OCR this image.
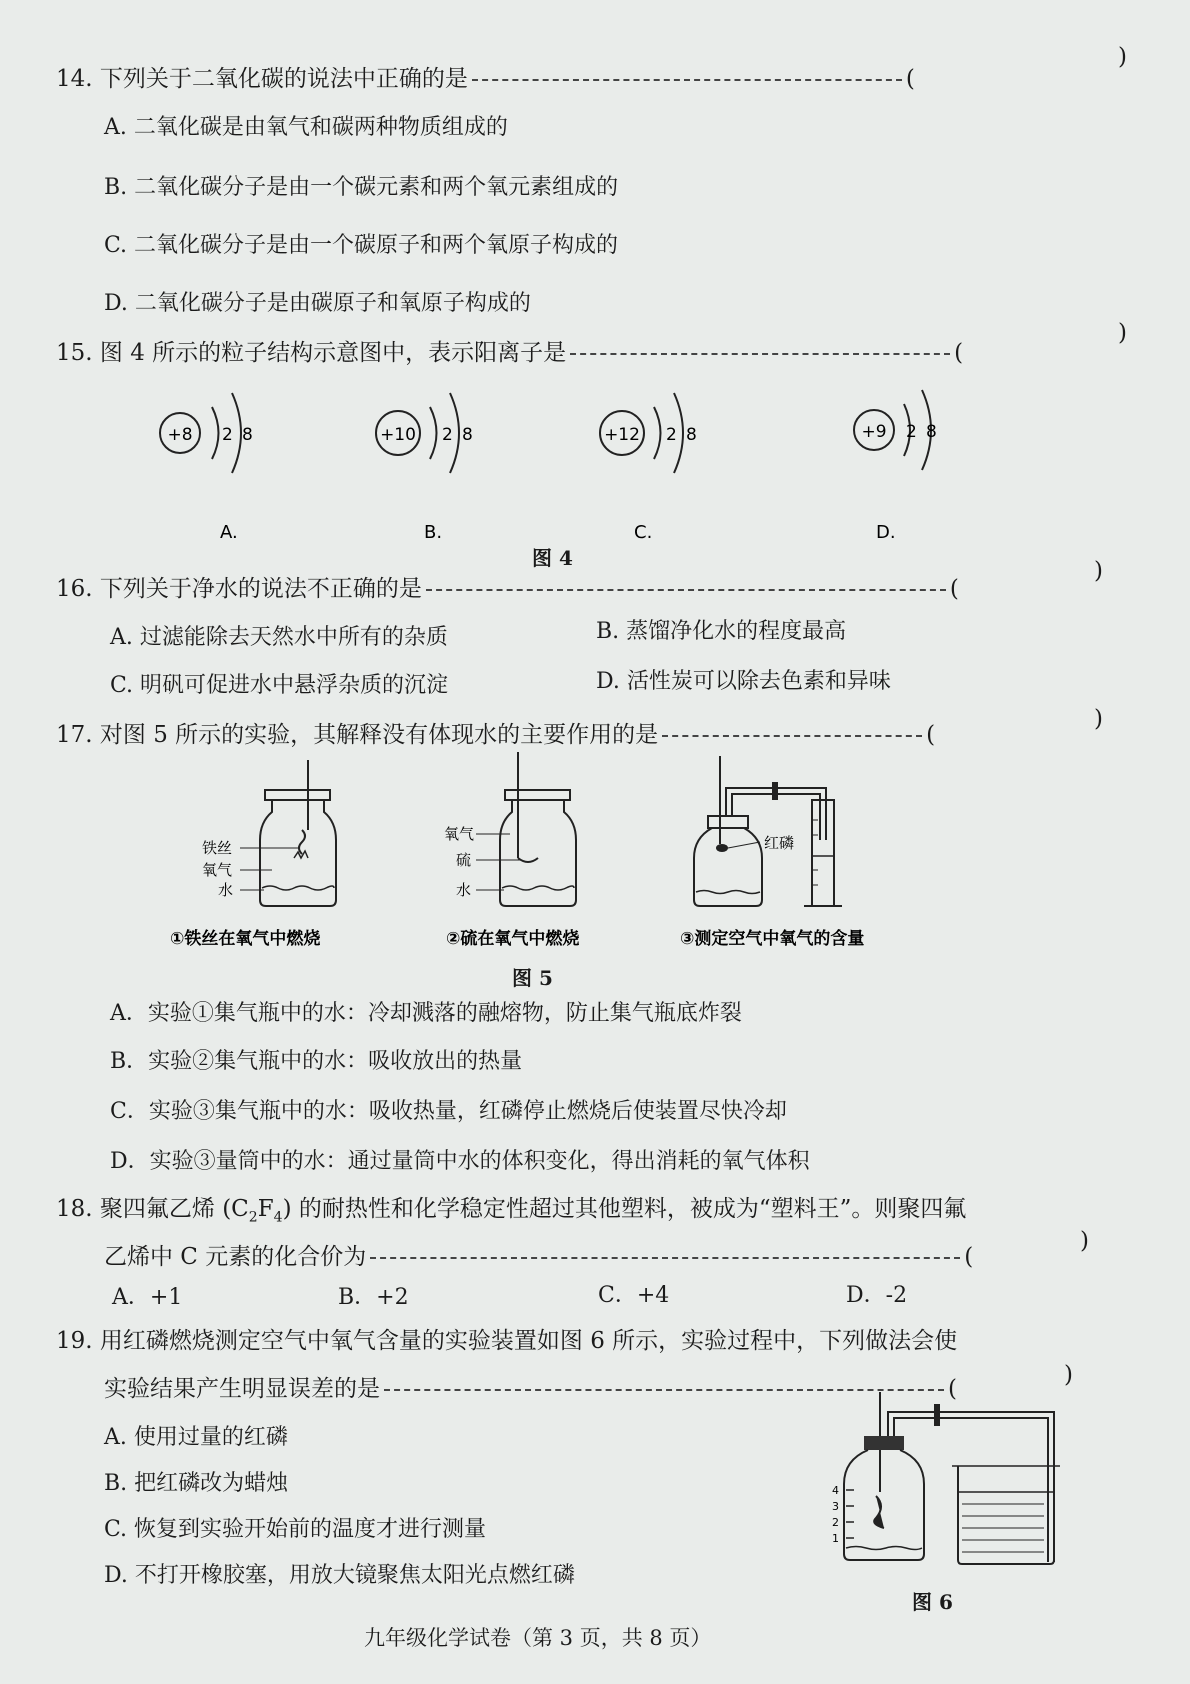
14. 下列关于二氧化碳的说法中正确的是	(
)
A. 二氧化碳是由氧气和碳两种物质组成的
B. 二氧化碳分子是由一个碳元素和两个氧元素组成的
C. 二氧化碳分子是由一个碳原子和两个氧原子构成的
D. 二氧化碳分子是由碳原子和氧原子构成的
15. 图 4 所示的粒子结构示意图中，表示阳离子是	(
)
+8 2 8
A.
+10 2 8
B.
+12 2 8
C.
+9 2 8
D.
图 4
16. 下列关于净水的说法不正确的是	(
)
A. 过滤能除去天然水中所有的杂质	B. 蒸馏净化水的程度最高
C. 明矾可促进水中悬浮杂质的沉淀	D. 活性炭可以除去色素和异味
17. 对图 5 所示的实验，其解释没有体现水的主要作用的是	(
)
铁丝
氧气
水
氧气
硫
水
红磷
①铁丝在氧气中燃烧	②硫在氧气中燃烧	③测定空气中氧气的含量
图 5
A．实验①集气瓶中的水：冷却溅落的融熔物，防止集气瓶底炸裂
B．实验②集气瓶中的水：吸收放出的热量
C．实验③集气瓶中的水：吸收热量，红磷停止燃烧后使装置尽快冷却
D．实验③量筒中的水：通过量筒中水的体积变化，得出消耗的氧气体积
18. 聚四氟乙烯 $(C_2F_4)$ 的耐热性和化学稳定性超过其他塑料，被成为“塑料王”。则聚四氟
乙烯中 C 元素的化合价为	(
)
A．+1	B．+2	C．+4	D．-2
19. 用红磷燃烧测定空气中氧气含量的实验装置如图 6 所示，实验过程中，下列做法会使
实验结果产生明显误差的是	(
)
A. 使用过量的红磷
B. 把红磷改为蜡烛
C. 恢复到实验开始前的温度才进行测量
D. 不打开橡胶塞，用放大镜聚焦太阳光点燃红磷
4
3
2
1
图 6
九年级化学试卷（第 3 页，共 8 页）
